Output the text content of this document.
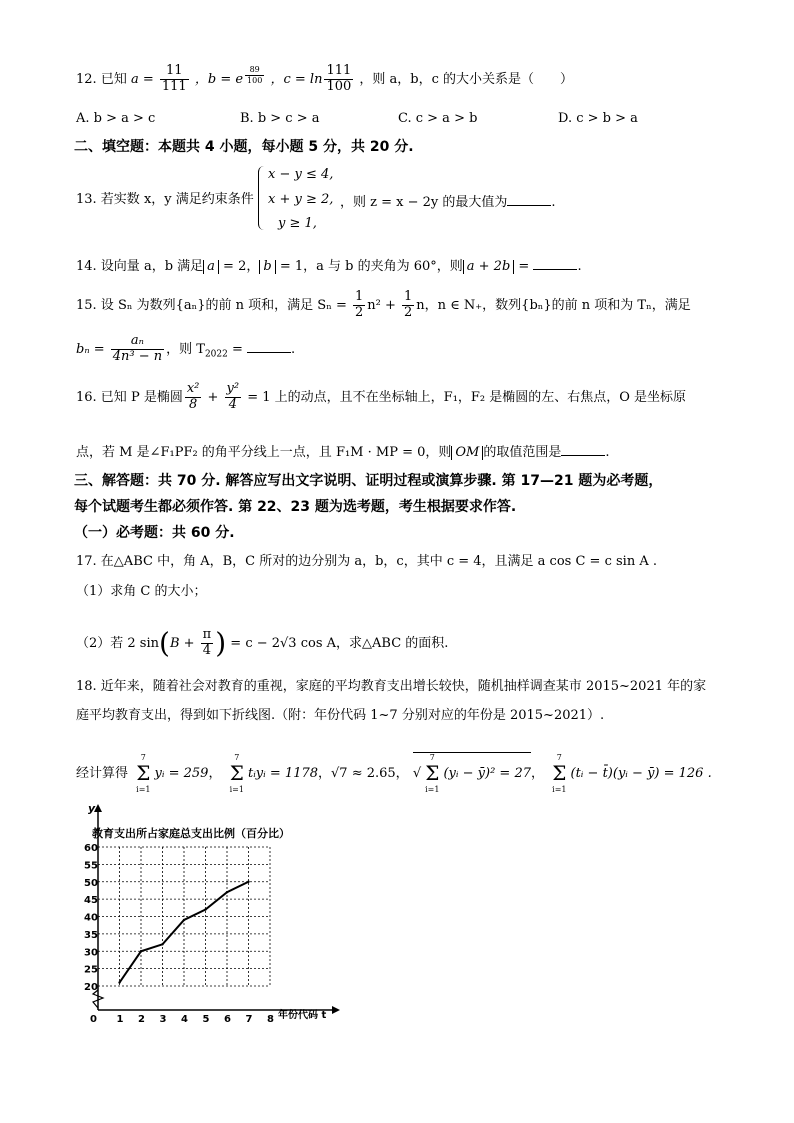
12. 已知 $a = \frac{11}{111}$ ，b = e $^{\frac{89}{100}}$ ，$c = \ln \frac{111}{100}$ ，则 a，b，c 的大小关系是（　　）
A. b > a > c	B. b > c > a	C. c > a > b	D. c > b > a
二、填空题：本题共 4 小题，每小题 5 分，共 20 分.
13. 若实数 x，y 满足约束条件
x − y ≤ 4,
x + y ≥ 2,
y ≥ 1,
，则 z = x − 2y 的最大值为	.
14. 设向量 a，b 满足 a = 2， b = 1，a 与 b 的夹角为 60°，则 a + 2b =	.
15. 设 Sₙ 为数列{aₙ}的前 n 项和，满足 $S_n = \frac{1}{2} n^2 + \frac{1}{2}$ n，n ∈ N₊，数列{bₙ}的前 n 项和为 Tₙ，满足
$b_n = \frac{\text{aₙ}}{\text{4n³ − n}}$ ，则 $T_{2022}$ =	.
16. 已知 P 是椭圆 $\frac{\text{x²}}{8} + \frac{\text{y²}}{4} = 1$ 上的动点，且不在坐标轴上，F₁，F₂ 是椭圆的左、右焦点，O 是坐标原
点，若 M 是∠F₁PF₂ 的角平分线上一点，且 F₁M · MP = 0，则 OM 的取值范围是	.
三、解答题：共 70 分. 解答应写出文字说明、证明过程或演算步骤. 第 17—21 题为必考题，
每个试题考生都必须作答. 第 22、23 题为选考题，考生根据要求作答.
（一）必考题：共 60 分.
17. 在△ABC 中，角 A，B，C 所对的边分别为 a，b，c，其中 c = 4，且满足 a cos C = c sin A .
（1）求角 C 的大小；
（2）若 2 $\sin(B + \frac{\pi}{4}$ ) = c − 2√3 cos A，求△ABC 的面积.
18. 近年来，随着社会对教育的重视，家庭的平均教育支出增长较快，随机抽样调查某市 2015~2021 年的家
庭平均教育支出，得到如下折线图.（附：年份代码 1~7 分别对应的年份是 2015~2021）.
经计算得
7
Σ
i=1
yᵢ = 259，
7
Σ
i=1
tᵢyᵢ = 1178，√7 ≈ 2.65， √
7
Σ
i=1
(yᵢ − ȳ)² = 27，
7
Σ
i=1
(tᵢ − t̄)(yᵢ − ȳ) = 126 .
0 1 2 3 4 5 6 7 8
20
25
30
35
40
45
50
55
60
教育支出所占家庭总支出比例（百分比）
y
年份代码 t
